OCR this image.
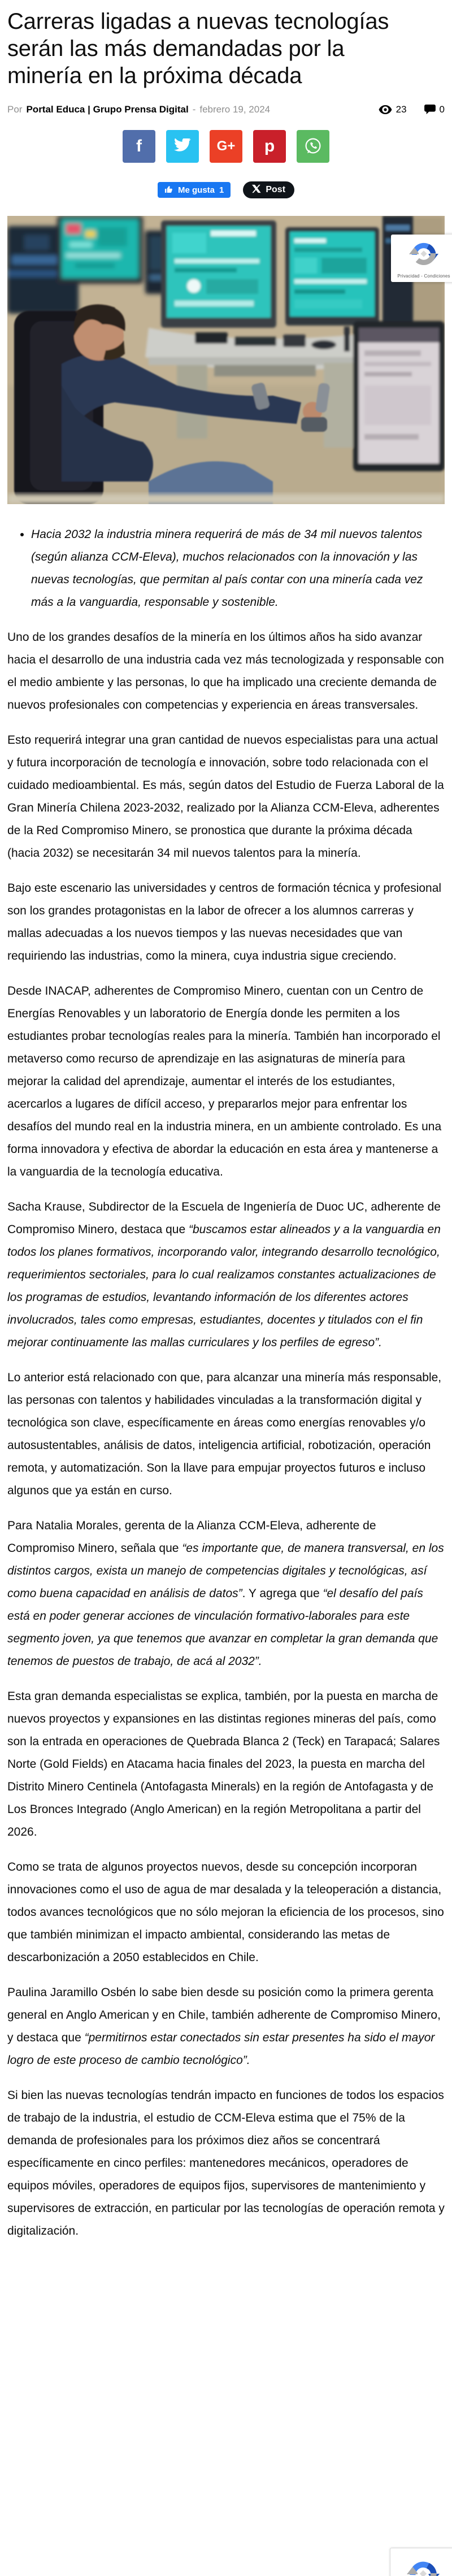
Carreras ligadas a nuevas tecnologías serán las más demandadas por la minería en la próxima década
Por Portal Educa | Grupo Prensa Digital - febrero 19, 2024	23	0
f	G+ p
Me gusta 1	Post
• Hacia 2032 la industria minera requerirá de más de 34 mil nuevos talentos (según alianza CCM-Eleva), muchos relacionados con la innovación y las nuevas tecnologías, que permitan al país contar con una minería cada vez más a la vanguardia, responsable y sostenible.

Uno de los grandes desafíos de la minería en los últimos años ha sido avanzar hacia el desarrollo de una industria cada vez más tecnologizada y responsable con el medio ambiente y las personas, lo que ha implicado una creciente demanda de nuevos profesionales con competencias y experiencia en áreas transversales.

Esto requerirá integrar una gran cantidad de nuevos especialistas para una actual y futura incorporación de tecnología e innovación, sobre todo relacionada con el cuidado medioambiental. Es más, según datos del Estudio de Fuerza Laboral de la Gran Minería Chilena 2023-2032, realizado por la Alianza CCM-Eleva, adherentes de la Red Compromiso Minero, se pronostica que durante la próxima década (hacia 2032) se necesitarán 34 mil nuevos talentos para la minería.

Bajo este escenario las universidades y centros de formación técnica y profesional son los grandes protagonistas en la labor de ofrecer a los alumnos carreras y mallas adecuadas a los nuevos tiempos y las nuevas necesidades que van requiriendo las industrias, como la minera, cuya industria sigue creciendo.

Desde INACAP, adherentes de Compromiso Minero, cuentan con un Centro de Energías Renovables y un laboratorio de Energía donde les permiten a los estudiantes probar tecnologías reales para la minería. También han incorporado el metaverso como recurso de aprendizaje en las asignaturas de minería para mejorar la calidad del aprendizaje, aumentar el interés de los estudiantes, acercarlos a lugares de difícil acceso, y prepararlos mejor para enfrentar los desafíos del mundo real en la industria minera, en un ambiente controlado. Es una forma innovadora y efectiva de abordar la educación en esta área y mantenerse a la vanguardia de la tecnología educativa.

Sacha Krause, Subdirector de la Escuela de Ingeniería de Duoc UC, adherente de Compromiso Minero, destaca que “buscamos estar alineados y a la vanguardia en todos los planes formativos, incorporando valor, integrando desarrollo tecnológico, requerimientos sectoriales, para lo cual realizamos constantes actualizaciones de los programas de estudios, levantando información de los diferentes actores involucrados, tales como empresas, estudiantes, docentes y titulados con el fin mejorar continuamente las mallas curriculares y los perfiles de egreso”.

Lo anterior está relacionado con que, para alcanzar una minería más responsable, las personas con talentos y habilidades vinculadas a la transformación digital y tecnológica son clave, específicamente en áreas como energías renovables y/o autosustentables, análisis de datos, inteligencia artificial, robotización, operación remota, y automatización. Son la llave para empujar proyectos futuros e incluso algunos que ya están en curso.

Para Natalia Morales, gerenta de la Alianza CCM-Eleva, adherente de Compromiso Minero, señala que “es importante que, de manera transversal, en los distintos cargos, exista un manejo de competencias digitales y tecnológicas, así como buena capacidad en análisis de datos”. Y agrega que “el desafío del país está en poder generar acciones de vinculación formativo-laborales para este segmento joven, ya que tenemos que avanzar en completar la gran demanda que tenemos de puestos de trabajo, de acá al 2032”.

Esta gran demanda especialistas se explica, también, por la puesta en marcha de nuevos proyectos y expansiones en las distintas regiones mineras del país, como son la entrada en operaciones de Quebrada Blanca 2 (Teck) en Tarapacá; Salares Norte (Gold Fields) en Atacama hacia finales del 2023, la puesta en marcha del Distrito Minero Centinela (Antofagasta Minerals) en la región de Antofagasta y de Los Bronces Integrado (Anglo American) en la región Metropolitana a partir del 2026.

Como se trata de algunos proyectos nuevos, desde su concepción incorporan innovaciones como el uso de agua de mar desalada y la teleoperación a distancia, todos avances tecnológicos que no sólo mejoran la eficiencia de los procesos, sino que también minimizan el impacto ambiental, considerando las metas de descarbonización a 2050 establecidos en Chile.

Paulina Jaramillo Osbén lo sabe bien desde su posición como la primera gerenta general en Anglo American y en Chile, también adherente de Compromiso Minero, y destaca que “permitirnos estar conectados sin estar presentes ha sido el mayor logro de este proceso de cambio tecnológico”.

Si bien las nuevas tecnologías tendrán impacto en funciones de todos los espacios de trabajo de la industria, el estudio de CCM-Eleva estima que el 75% de la demanda de profesionales para los próximos diez años se concentrará específicamente en cinco perfiles: mantenedores mecánicos, operadores de equipos móviles, operadores de equipos fijos, supervisores de mantenimiento y supervisores de extracción, en particular por las tecnologías de operación remota y digitalización.

Privacidad - Condiciones
